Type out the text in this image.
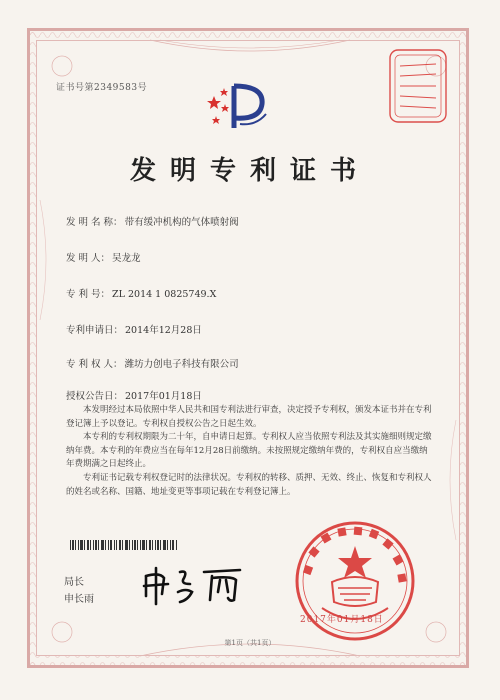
证书号第2349583号
发明专利证书
发 明 名 称： 带有缓冲机构的气体喷射阀
发 明 人： 吴龙龙
专 利 号： ZL 2014 1 0825749.X
专利申请日： 2014年12月28日
专 利 权 人： 潍坊力创电子科技有限公司
授权公告日： 2017年01月18日

本发明经过本局依照中华人民共和国专利法进行审查，决定授予专利权，颁发本证书并在专利登记簿上予以登记。专利权自授权公告之日起生效。

本专利的专利权期限为二十年，自申请日起算。专利权人应当依照专利法及其实施细则规定缴纳年费。本专利的年费应当在每年12月28日前缴纳。未按照规定缴纳年费的，专利权自应当缴纳年费期满之日起终止。

专利证书记载专利权登记时的法律状况。专利权的转移、质押、无效、终止、恢复和专利权人的姓名或名称、国籍、地址变更等事项记载在专利登记簿上。

局长
申长雨
2017年01月18日
第1页（共1页）
